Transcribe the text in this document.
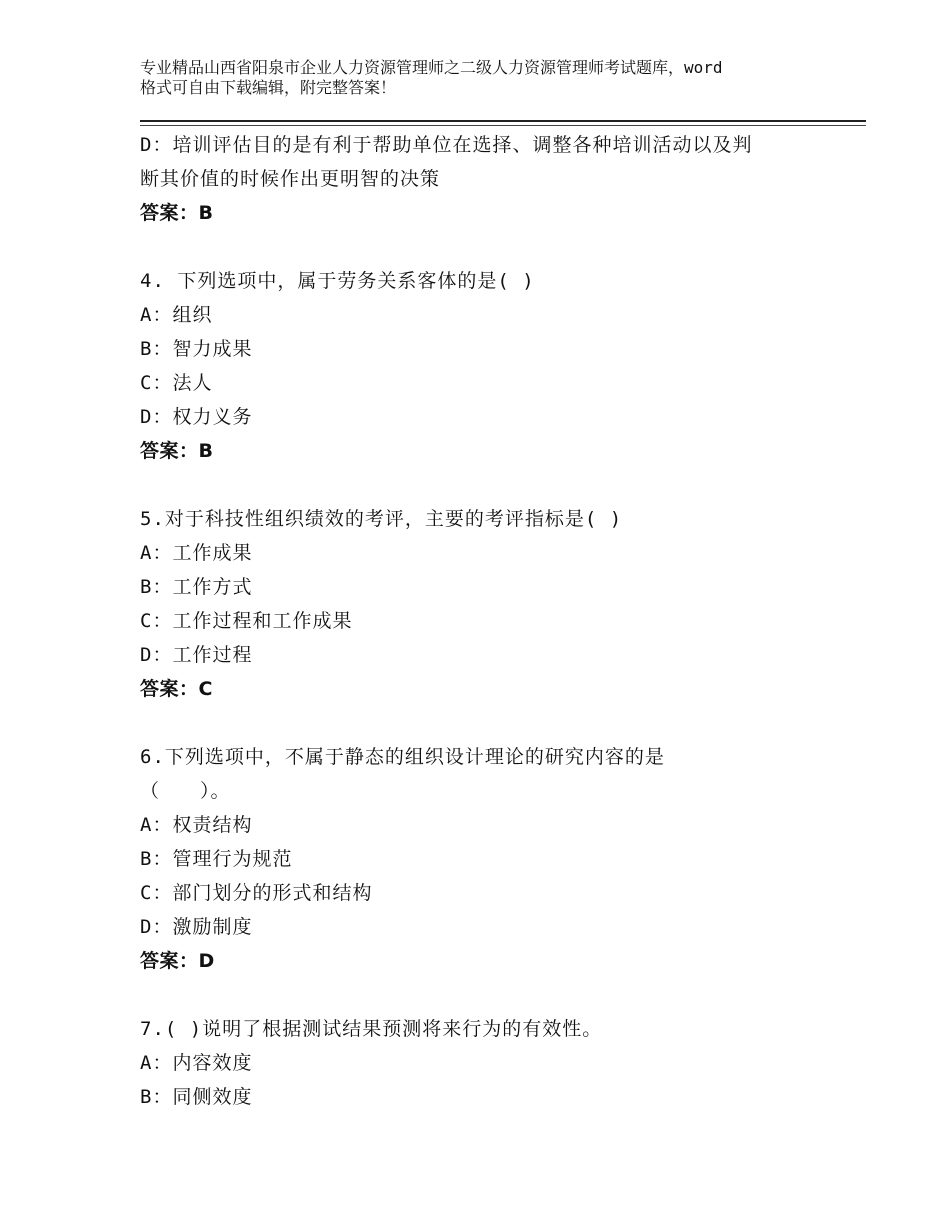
专业精品山西省阳泉市企业人力资源管理师之二级人力资源管理师考试题库，word
格式可自由下载编辑，附完整答案！
D：培训评估目的是有利于帮助单位在选择、调整各种培训活动以及判
断其价值的时候作出更明智的决策
答案：B
4. 下列选项中，属于劳务关系客体的是( )
A：组织
B：智力成果
C：法人
D：权力义务
答案：B
5.对于科技性组织绩效的考评，主要的考评指标是( )
A：工作成果
B：工作方式
C：工作过程和工作成果
D：工作过程
答案：C
6.下列选项中，不属于静态的组织设计理论的研究内容的是
（　　）。
A：权责结构
B：管理行为规范
C：部门划分的形式和结构
D：激励制度
答案：D
7.( )说明了根据测试结果预测将来行为的有效性。
A：内容效度
B：同侧效度
